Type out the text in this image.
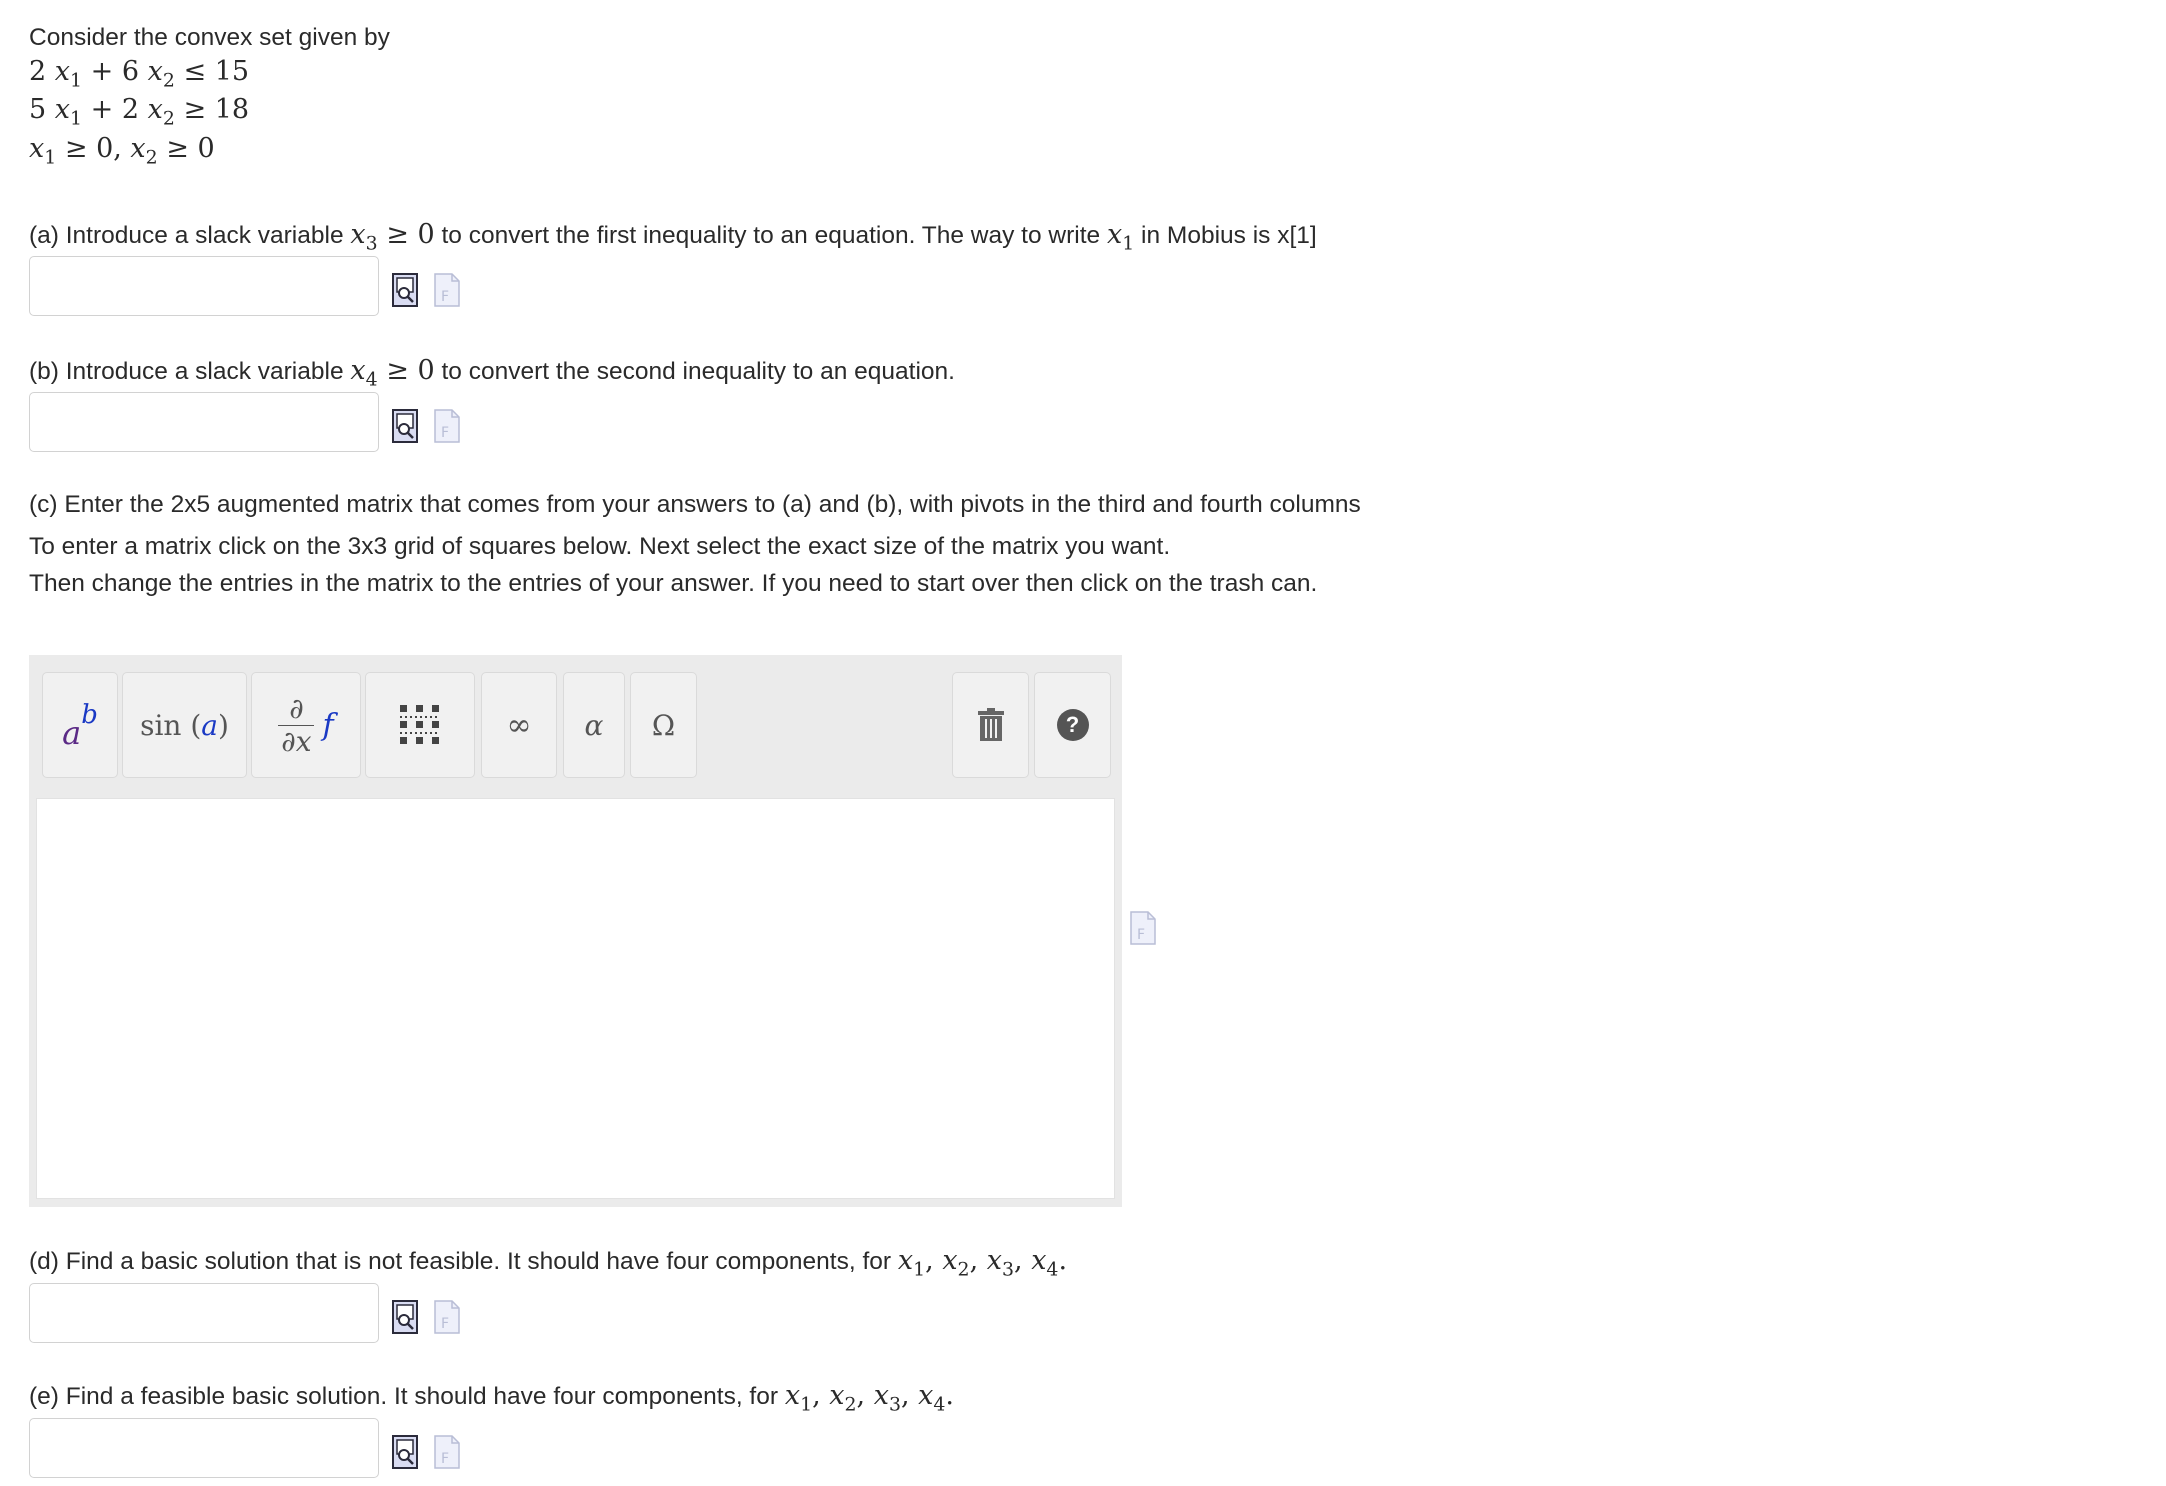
Consider the convex set given by
2 $x_1 + 6$ $x_2 \le 15$
5 $x_1 + 2$ $x_2 \ge 18$
$x_1 \ge 0$, $x_2 \ge 0$
(a) Introduce a slack variable $x_3 \ge 0$ to convert the first inequality to an equation. The way to write $x_1$ in Mobius is x[1]
F
(b) Introduce a slack variable $x_4 \ge 0$ to convert the second inequality to an equation.
F
(c) Enter the 2x5 augmented matrix that comes from your answers to (a) and (b), with pivots in the third and fourth columns
To enter a matrix click on the 3x3 grid of squares below. Next select the exact size of the matrix you want.
Then change the entries in the matrix to the entries of your answer. If you need to start over then click on the trash can.
a b sin
( a )
∂
∂x f	∞ α Ω	?
F
(d) Find a basic solution that is not feasible. It should have four components, for $x_1$, $x_2$, $x_3$, $x_4$.
F
(e) Find a feasible basic solution. It should have four components, for $x_1$, $x_2$, $x_3$, $x_4$.
F
